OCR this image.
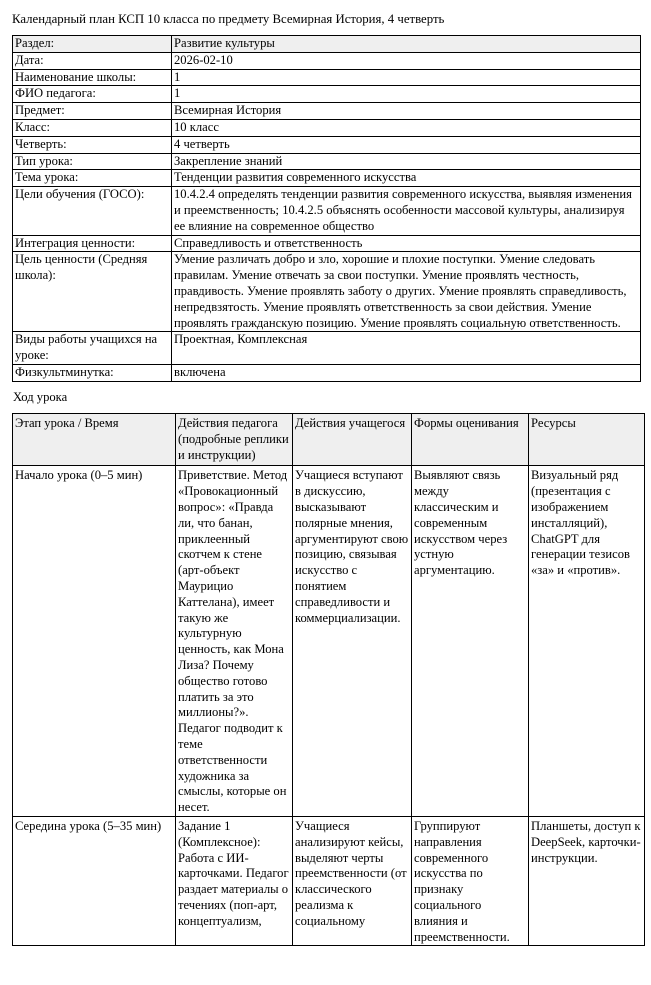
Календарный план КСП 10 класса по предмету Всемирная История, 4 четверть
Раздел:	Развитие культуры
Дата:	2026-02-10
Наименование школы:	1
ФИО педагога:	1
Предмет:	Всемирная История
Класс:	10 класс
Четверть:	4 четверть
Тип урока:	Закрепление знаний
Тема урока:	Тенденции развития современного искусства
Цели обучения (ГОСО):	10.4.2.4 определять тенденции развития современного искусства, выявляя изменения и преемственность; 10.4.2.5 объяснять особенности массовой культуры, анализируя ее влияние на современное общество
Интеграция ценности:	Справедливость и ответственность
Цель ценности (Средняя школа):	Умение различать добро и зло, хорошие и плохие поступки. Умение следовать правилам. Умение отвечать за свои поступки. Умение проявлять честность, правдивость. Умение проявлять заботу о других. Умение проявлять справедливость, непредвзятость. Умение проявлять ответственность за свои действия. Умение проявлять гражданскую позицию. Умение проявлять социальную ответственность.
Виды работы учащихся на уроке:	Проектная, Комплексная
Физкультминутка:	включена
Ход урока
Этап урока / Время	Действия педагога (подробные реплики и инструкции)	Действия учащегося	Формы оценивания	Ресурсы
Начало урока (0–5 мин)	Приветствие. Метод «Провокационный вопрос»: «Правда ли, что банан, приклеенный скотчем к стене (арт-объект Маурицио Каттелана), имеет такую же культурную ценность, как Мона Лиза? Почему общество готово платить за это миллионы?». Педагог подводит к теме ответственности художника за смыслы, которые он несет.	Учащиеся вступают в дискуссию, высказывают полярные мнения, аргументируют свою позицию, связывая искусство с понятием справедливости и коммерциализации.	Выявляют связь между классическим и современным искусством через устную аргументацию.	Визуальный ряд (презентация с изображением инсталляций), ChatGPT для генерации тезисов «за» и «против».
Середина урока (5–35 мин)	Задание 1 (Комплексное): Работа с ИИ-карточками. Педагог раздает материалы о течениях (поп-арт, концептуализм,	Учащиеся анализируют кейсы, выделяют черты преемственности (от классического реализма к социальному	Группируют направления современного искусства по признаку социального влияния и преемственности.	Планшеты, доступ к DeepSeek, карточки-инструкции.
